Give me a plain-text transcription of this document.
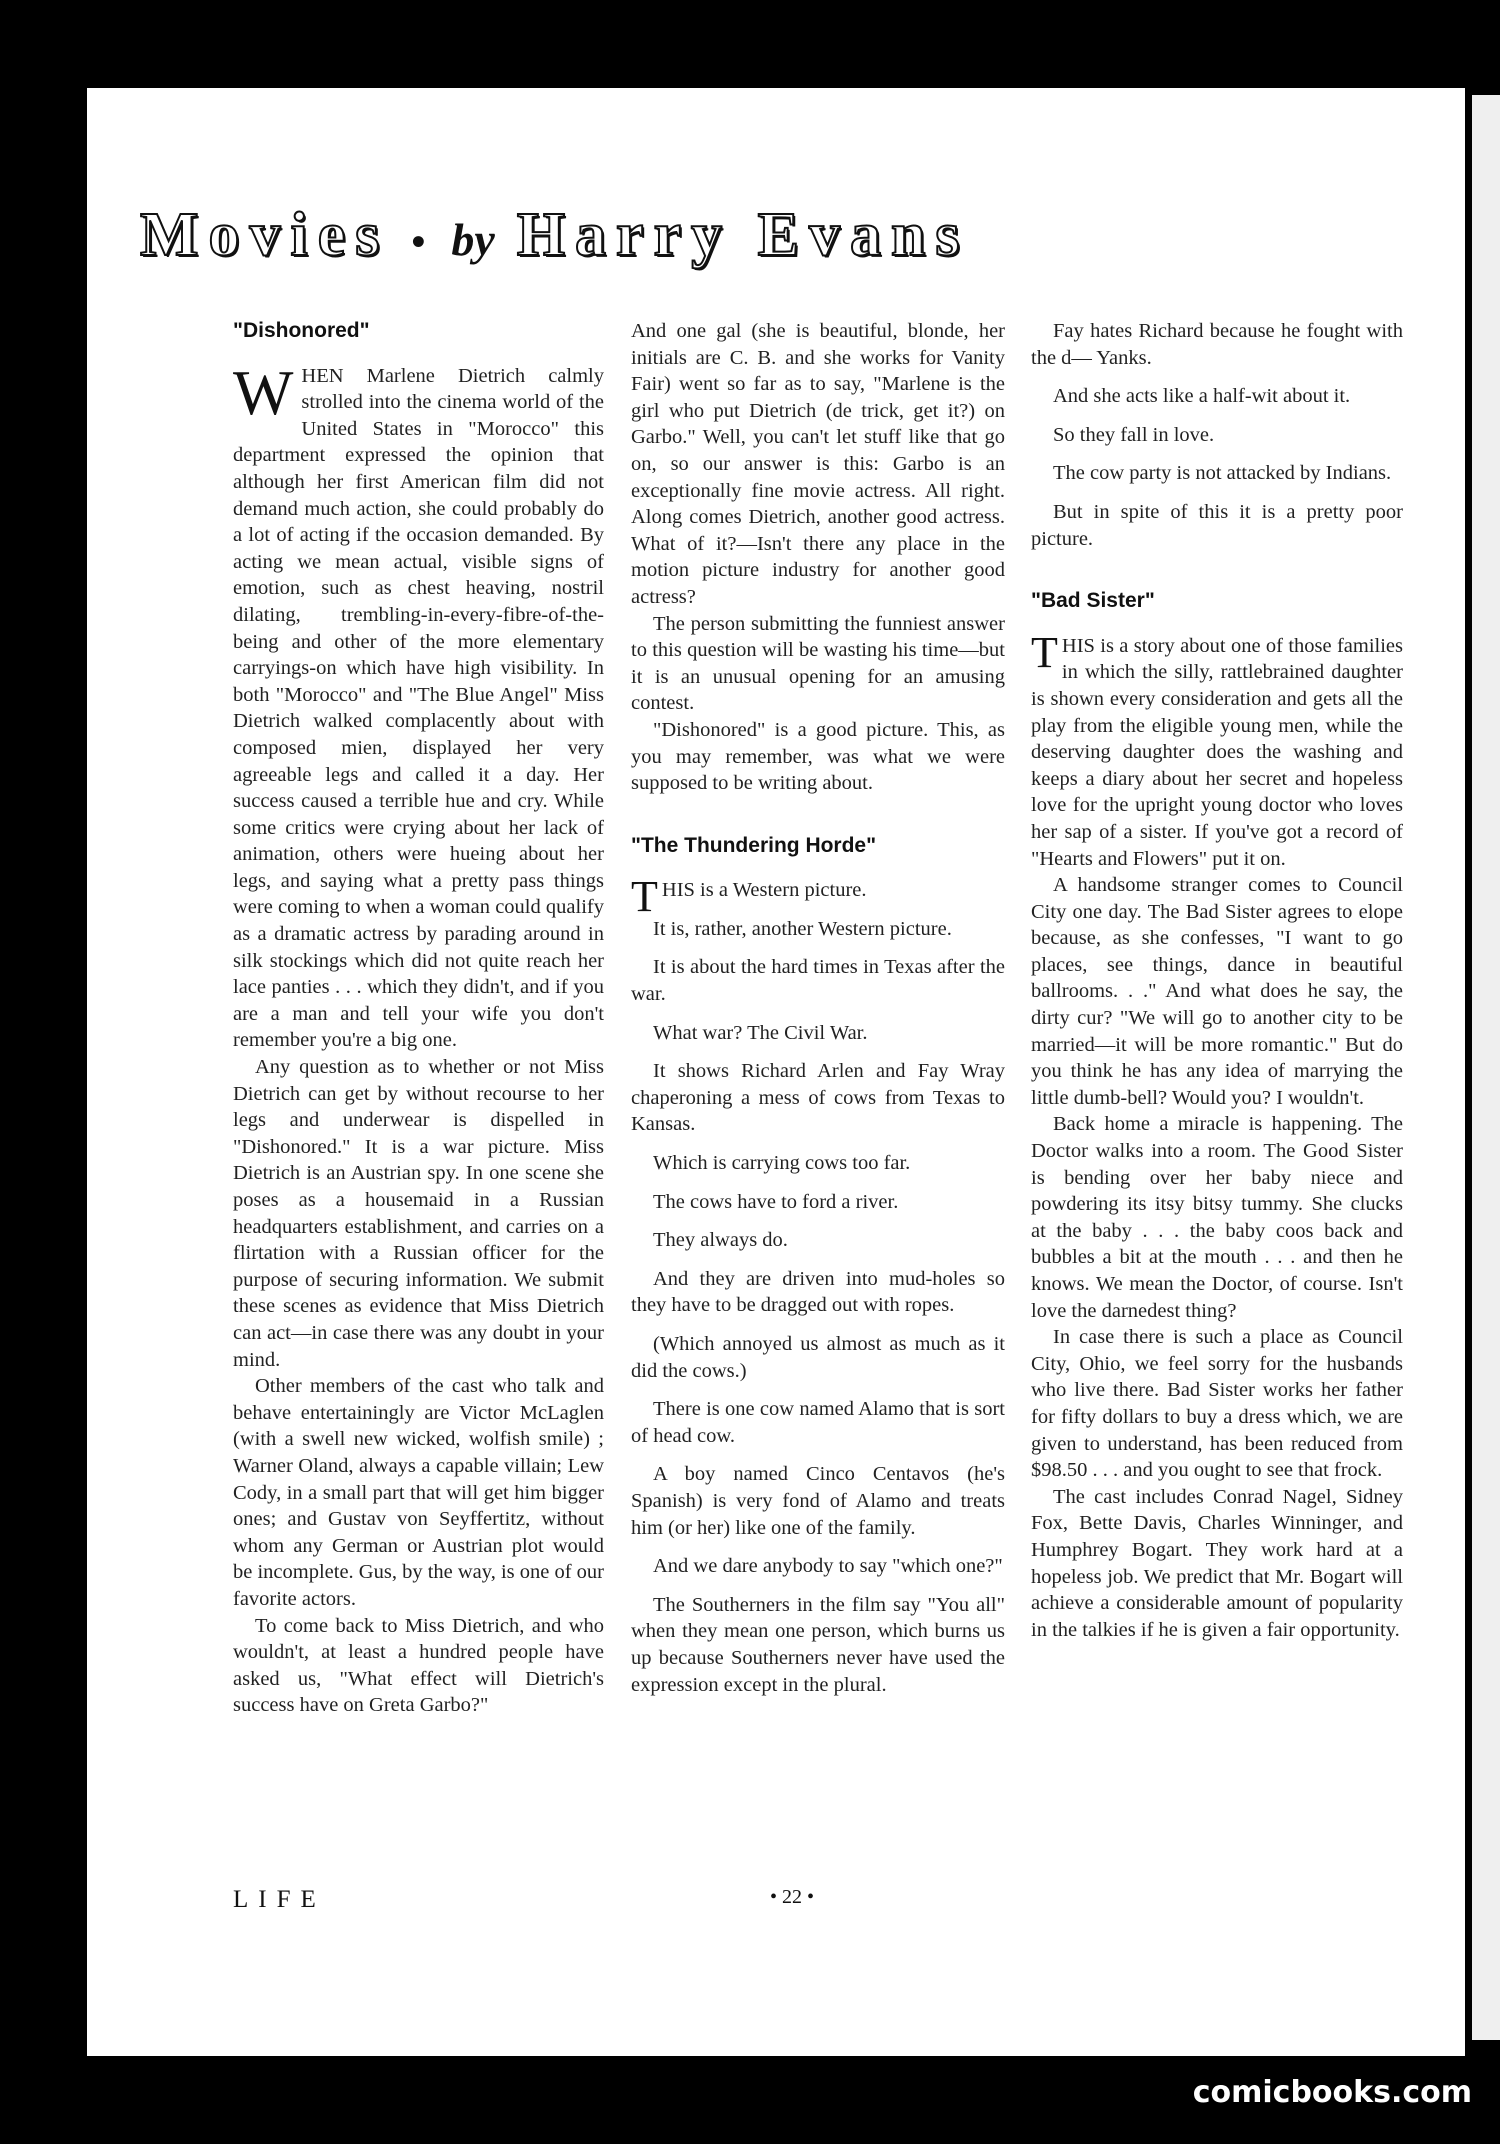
Movies • by Harry Evans
"Dishonored"

WHEN Marlene Dietrich calmly strolled into the cinema world of the United States in "Morocco" this department expressed the opinion that although her first American film did not demand much action, she could probably do a lot of acting if the occasion demanded. By acting we mean actual, visible signs of emotion, such as chest heaving, nostril dilating, trembling-in-every-fibre-of-the-being and other of the more elementary carryings-on which have high visibility. In both "Morocco" and "The Blue Angel" Miss Dietrich walked complacently about with composed mien, displayed her very agreeable legs and called it a day. Her success caused a terrible hue and cry. While some critics were crying about her lack of animation, others were hueing about her legs, and saying what a pretty pass things were coming to when a woman could qualify as a dramatic actress by parading around in silk stockings which did not quite reach her lace panties . . . which they didn't, and if you are a man and tell your wife you don't remember you're a big one.

Any question as to whether or not Miss Dietrich can get by without recourse to her legs and underwear is dispelled in "Dishonored." It is a war picture. Miss Dietrich is an Austrian spy. In one scene she poses as a housemaid in a Russian headquarters establishment, and carries on a flirtation with a Russian officer for the purpose of securing information. We submit these scenes as evidence that Miss Dietrich can act—in case there was any doubt in your mind.

Other members of the cast who talk and behave entertainingly are Victor McLaglen (with a swell new wicked, wolfish smile) ; Warner Oland, always a capable villain; Lew Cody, in a small part that will get him bigger ones; and Gustav von Seyffertitz, without whom any German or Austrian plot would be incomplete. Gus, by the way, is one of our favorite actors.

To come back to Miss Dietrich, and who wouldn't, at least a hundred people have asked us, "What effect will Dietrich's success have on Greta Garbo?"

And one gal (she is beautiful, blonde, her initials are C. B. and she works for Vanity Fair) went so far as to say, "Marlene is the girl who put Dietrich (de trick, get it?) on Garbo." Well, you can't let stuff like that go on, so our answer is this: Garbo is an exceptionally fine movie actress. All right. Along comes Dietrich, another good actress. What of it?—Isn't there any place in the motion picture industry for another good actress?

The person submitting the funniest answer to this question will be wasting his time—but it is an unusual opening for an amusing contest.

"Dishonored" is a good picture. This, as you may remember, was what we were supposed to be writing about.

"The Thundering Horde"

THIS is a Western picture.

It is, rather, another Western picture.

It is about the hard times in Texas after the war.

What war? The Civil War.

It shows Richard Arlen and Fay Wray chaperoning a mess of cows from Texas to Kansas.

Which is carrying cows too far.

The cows have to ford a river.

They always do.

And they are driven into mud-holes so they have to be dragged out with ropes.

(Which annoyed us almost as much as it did the cows.)

There is one cow named Alamo that is sort of head cow.

A boy named Cinco Centavos (he's Spanish) is very fond of Alamo and treats him (or her) like one of the family.

And we dare anybody to say "which one?"

The Southerners in the film say "You all" when they mean one person, which burns us up because Southerners never have used the expression except in the plural.

Fay hates Richard because he fought with the d— Yanks.

And she acts like a half-wit about it.

So they fall in love.

The cow party is not attacked by Indians.

But in spite of this it is a pretty poor picture.

"Bad Sister"

THIS is a story about one of those families in which the silly, rattlebrained daughter is shown every consideration and gets all the play from the eligible young men, while the deserving daughter does the washing and keeps a diary about her secret and hopeless love for the upright young doctor who loves her sap of a sister. If you've got a record of "Hearts and Flowers" put it on.

A handsome stranger comes to Council City one day. The Bad Sister agrees to elope because, as she confesses, "I want to go places, see things, dance in beautiful ballrooms. . ." And what does he say, the dirty cur? "We will go to another city to be married—it will be more romantic." But do you think he has any idea of marrying the little dumb-bell? Would you? I wouldn't.

Back home a miracle is happening. The Doctor walks into a room. The Good Sister is bending over her baby niece and powdering its itsy bitsy tummy. She clucks at the baby . . . the baby coos back and bubbles a bit at the mouth . . . and then he knows. We mean the Doctor, of course. Isn't love the darnedest thing?

In case there is such a place as Council City, Ohio, we feel sorry for the husbands who live there. Bad Sister works her father for fifty dollars to buy a dress which, we are given to understand, has been reduced from $98.50 . . . and you ought to see that frock.

The cast includes Conrad Nagel, Sidney Fox, Bette Davis, Charles Winninger, and Humphrey Bogart. They work hard at a hopeless job. We predict that Mr. Bogart will achieve a considerable amount of popularity in the talkies if he is given a fair opportunity.

LIFE	• 22 •
comicbooks.com
